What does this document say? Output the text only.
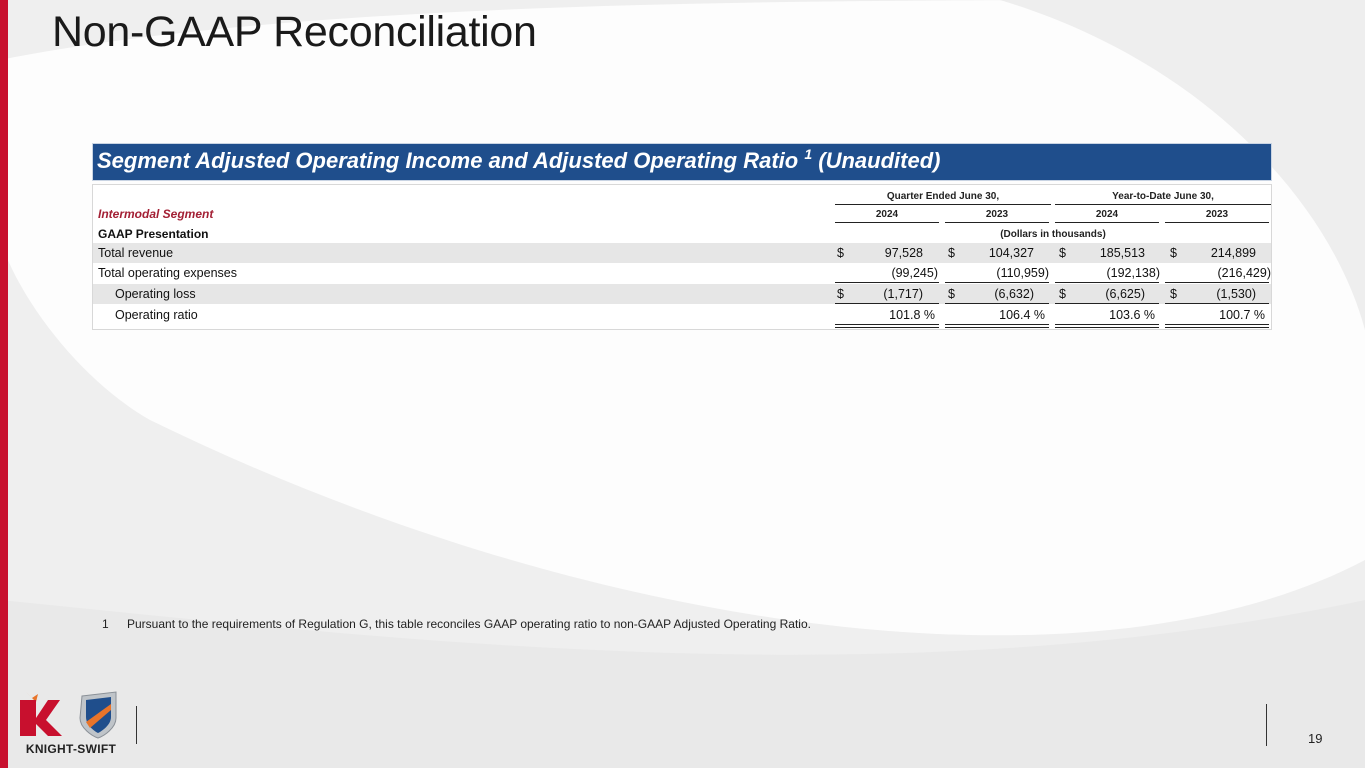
Non-GAAP Reconciliation
Segment Adjusted Operating Income and Adjusted Operating Ratio $^1$ (Unaudited)
Quarter Ended June 30,	Year-to-Date June 30,
Intermodal Segment	2024	2023	2024	2023
GAAP Presentation	(Dollars in thousands)
Total revenue	$	97,528 $	104,327 $	185,513 $	214,899
Total operating expenses	(99,245)	(110,959)	(192,138)	(216,429)
Operating loss	$	(1,717) $	(6,632) $	(6,625) $	(1,530)
Operating ratio	101.8 %	106.4 %	103.6 %	100.7 %
1 Pursuant to the requirements of Regulation G, this table reconciles GAAP operating ratio to non-GAAP Adjusted Operating Ratio.
KNIGHT-SWIFT
19
